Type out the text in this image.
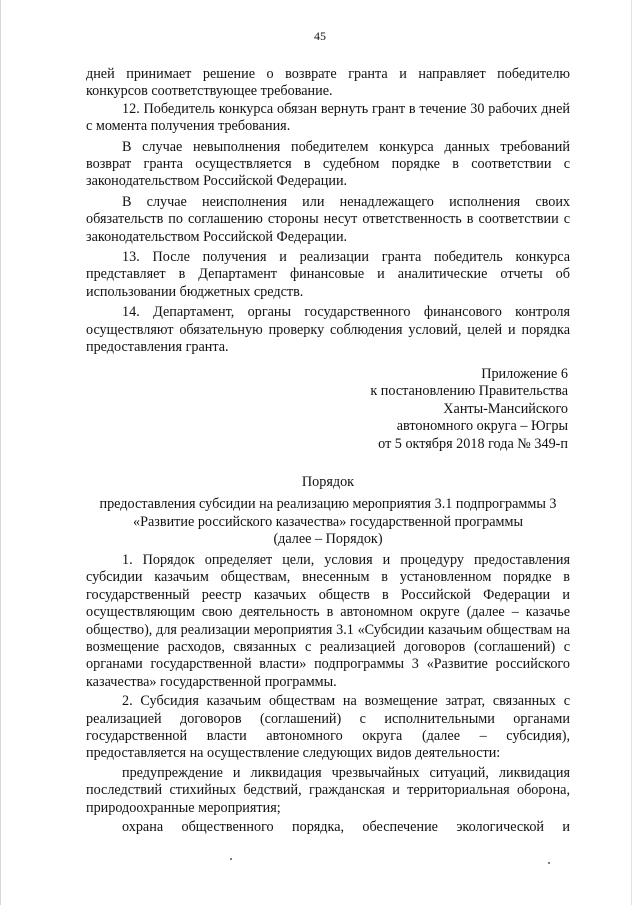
45

дней принимает решение о возврате гранта и направляет победителю конкурсов соответствующее требование.

12. Победитель конкурса обязан вернуть грант в течение 30 рабочих дней с момента получения требования.

В случае невыполнения победителем конкурса данных требований возврат гранта осуществляется в судебном порядке в соответствии с законодательством Российской Федерации.

В случае неисполнения или ненадлежащего исполнения своих обязательств по соглашению стороны несут ответственность в соответствии с законодательством Российской Федерации.

13. После получения и реализации гранта победитель конкурса представляет в Департамент финансовые и аналитические отчеты об использовании бюджетных средств.

14. Департамент, органы государственного финансового контроля осуществляют обязательную проверку соблюдения условий, целей и порядка предоставления гранта.

Приложение 6
к постановлению Правительства
Ханты-Мансийского
автономного округа – Югры
от 5 октября 2018 года № 349-п
Порядок
предоставления субсидии на реализацию мероприятия 3.1 подпрограммы 3
«Развитие российского казачества» государственной программы
(далее – Порядок)

1. Порядок определяет цели, условия и процедуру предоставления субсидии казачьим обществам, внесенным в установленном порядке в государственный реестр казачьих обществ в Российской Федерации и осуществляющим свою деятельность в автономном округе (далее – казачье общество), для реализации мероприятия 3.1 «Субсидии казачьим обществам на возмещение расходов, связанных с реализацией договоров (соглашений) с органами государственной власти» подпрограммы 3 «Развитие российского казачества» государственной программы.

2. Субсидия казачьим обществам на возмещение затрат, связанных с реализацией договоров (соглашений) с исполнительными органами государственной власти автономного округа (далее – субсидия), предоставляется на осуществление следующих видов деятельности:

предупреждение и ликвидация чрезвычайных ситуаций, ликвидация последствий стихийных бедствий, гражданская и территориальная оборона, природоохранные мероприятия;

охрана общественного порядка, обеспечение экологической и
